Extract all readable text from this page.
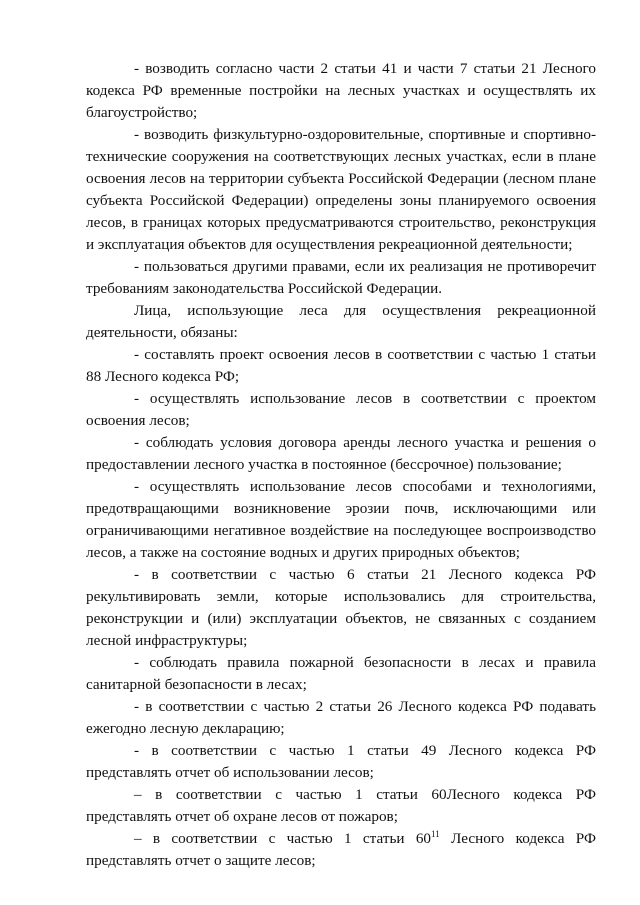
- возводить согласно части 2 статьи 41 и части 7 статьи 21 Лесного кодекса РФ временные постройки на лесных участках и осуществлять их благоустройство;

- возводить физкультурно-оздоровительные, спортивные и спортивно-технические сооружения на соответствующих лесных участках, если в плане освоения лесов на территории субъекта Российской Федерации (лесном плане субъекта Российской Федерации) определены зоны планируемого освоения лесов, в границах которых предусматриваются строительство, реконструкция и эксплуатация объектов для осуществления рекреационной деятельности;

- пользоваться другими правами, если их реализация не противоречит требованиям законодательства Российской Федерации.

Лица, использующие леса для осуществления рекреационной деятельности, обязаны:

- составлять проект освоения лесов в соответствии с частью 1 статьи 88 Лесного кодекса РФ;

- осуществлять использование лесов в соответствии с проектом освоения лесов;

- соблюдать условия договора аренды лесного участка и решения о предоставлении лесного участка в постоянное (бессрочное) пользование;

- осуществлять использование лесов способами и технологиями, предотвращающими возникновение эрозии почв, исключающими или ограничивающими негативное воздействие на последующее воспроизводство лесов, а также на состояние водных и других природных объектов;

- в соответствии с частью 6 статьи 21 Лесного кодекса РФ рекультивировать земли, которые использовались для строительства, реконструкции и (или) эксплуатации объектов, не связанных с созданием лесной инфраструктуры;

- соблюдать правила пожарной безопасности в лесах и правила санитарной безопасности в лесах;

- в соответствии с частью 2 статьи 26 Лесного кодекса РФ подавать ежегодно лесную декларацию;

- в соответствии с частью 1 статьи 49 Лесного кодекса РФ представлять отчет об использовании лесов;

– в соответствии с частью 1 статьи 60Лесного кодекса РФ представлять отчет об охране лесов от пожаров;

– в соответствии с частью 1 статьи $60^{11}$ Лесного кодекса РФ представлять отчет о защите лесов;
